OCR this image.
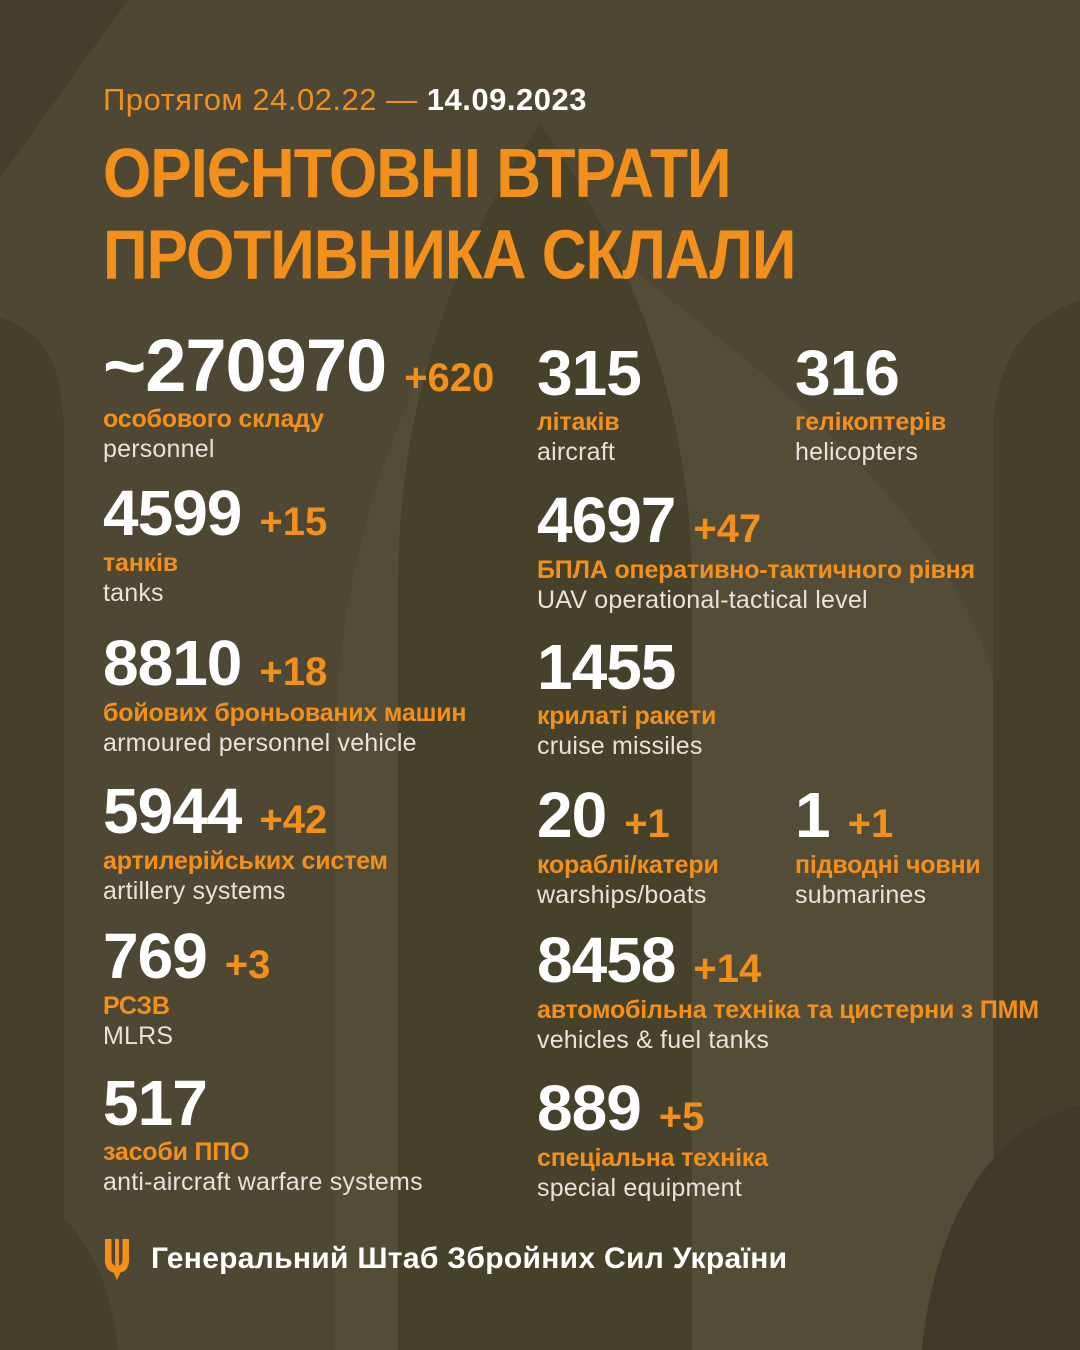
Протягом 24.02.22 — 14.09.2023
ОРІЄНТОВНІ ВТРАТИ
ПРОТИВНИКА СКЛАЛИ
~270970 +620
особового складу
personnel
315
літаків
aircraft
316
гелікоптерів
helicopters
4599 +15
танків
tanks
4697 +47
БПЛА оперативно-тактичного рівня
UAV operational-tactical level
8810 +18
бойових броньованих машин
armoured personnel vehicle
1455
крилаті ракети
cruise missiles
5944 +42
артилерійських систем
artillery systems
20 +1
кораблі/катери
warships/boats
1 +1
підводні човни
submarines
769 +3
РСЗВ
MLRS
8458 +14
автомобільна техніка та цистерни з ПММ
vehicles & fuel tanks
517
засоби ППО
anti-aircraft warfare systems
889 +5
спеціальна техніка
special equipment
Генеральний Штаб Збройних Сил України
